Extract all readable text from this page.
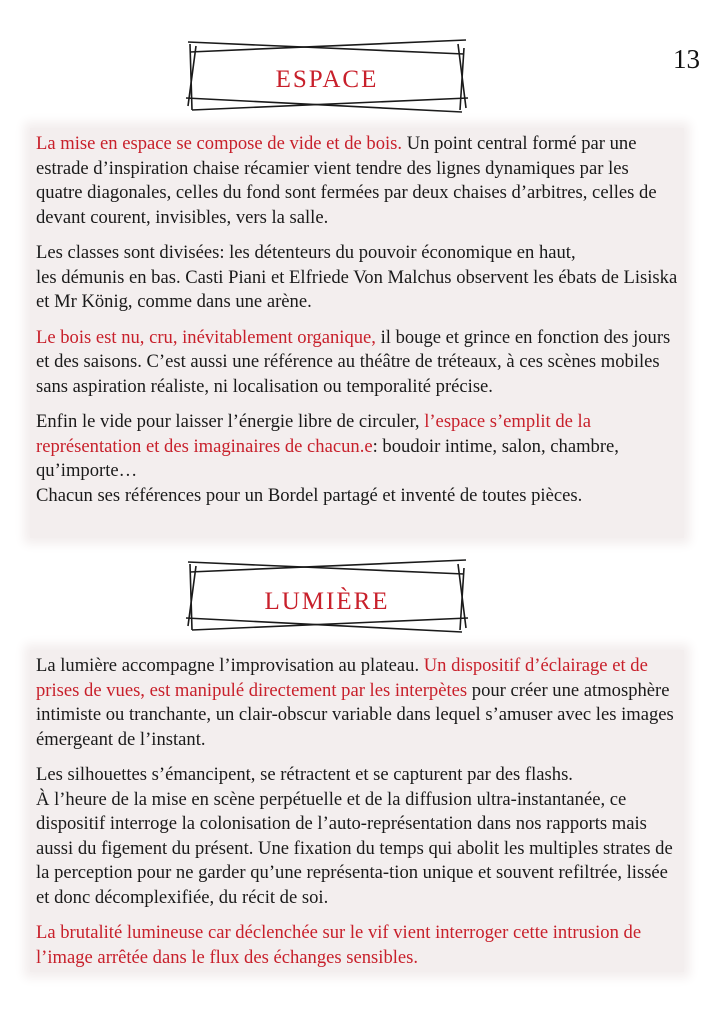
13
espace

La mise en espace se compose de vide et de bois. Un point central formé par une estrade d’inspiration chaise récamier vient tendre des lignes dynamiques par les quatre diagonales, celles du fond sont fermées par deux chaises d’arbitres, celles de devant courent, invisibles, vers la salle.

Les classes sont divisées: les détenteurs du pouvoir économique en haut,
les démunis en bas. Casti Piani et Elfriede Von Malchus observent les ébats de Lisiska et Mr König, comme dans une arène.

Le bois est nu, cru, inévitablement organique, il bouge et grince en fonction des jours et des saisons. C’est aussi une référence au théâtre de tréteaux, à ces scènes mobiles sans aspiration réaliste, ni localisation ou temporalité précise.

Enfin le vide pour laisser l’énergie libre de circuler, l’espace s’emplit de la représentation et des imaginaires de chacun.e: boudoir intime, salon, chambre, qu’importe…
Chacun ses références pour un Bordel partagé et inventé de toutes pièces.

lumière

La lumière accompagne l’improvisation au plateau. Un dispositif d’éclairage et de prises de vues, est manipulé directement par les interpètes pour créer une atmosphère intimiste ou tranchante, un clair-obscur variable dans lequel s’amuser avec les images émergeant de l’instant.

Les silhouettes s’émancipent, se rétractent et se capturent par des flashs.
À l’heure de la mise en scène perpétuelle et de la diffusion ultra-instantanée, ce dispositif interroge la colonisation de l’auto-représentation dans nos rapports mais aussi du figement du présent. Une fixation du temps qui abolit les multiples strates de la perception pour ne garder qu’une représenta-tion unique et souvent refiltrée, lissée et donc décomplexifiée, du récit de soi.

La brutalité lumineuse car déclenchée sur le vif vient interroger cette intrusion de l’image arrêtée dans le flux des échanges sensibles.
